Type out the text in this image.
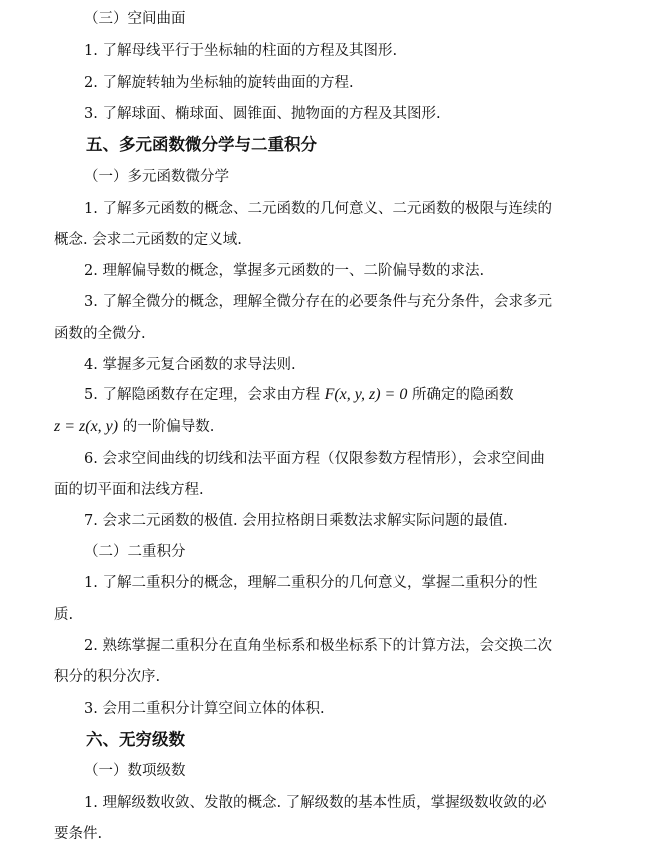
（三）空间曲面
1. 了解母线平行于坐标轴的柱面的方程及其图形.
2. 了解旋转轴为坐标轴的旋转曲面的方程.
3. 了解球面、椭球面、圆锥面、抛物面的方程及其图形.
五、多元函数微分学与二重积分
（一）多元函数微分学
1. 了解多元函数的概念、二元函数的几何意义、二元函数的极限与连续的
概念. 会求二元函数的定义域.
2. 理解偏导数的概念，掌握多元函数的一、二阶偏导数的求法.
3. 了解全微分的概念，理解全微分存在的必要条件与充分条件，会求多元
函数的全微分.
4. 掌握多元复合函数的求导法则.
5. 了解隐函数存在定理，会求由方程 F(x, y, z) = 0 所确定的隐函数
z = z(x, y) 的一阶偏导数.
6. 会求空间曲线的切线和法平面方程（仅限参数方程情形），会求空间曲
面的切平面和法线方程.
7. 会求二元函数的极值. 会用拉格朗日乘数法求解实际问题的最值.
（二）二重积分
1. 了解二重积分的概念，理解二重积分的几何意义，掌握二重积分的性
质.
2. 熟练掌握二重积分在直角坐标系和极坐标系下的计算方法，会交换二次
积分的积分次序.
3. 会用二重积分计算空间立体的体积.
六、无穷级数
（一）数项级数
1. 理解级数收敛、发散的概念. 了解级数的基本性质，掌握级数收敛的必
要条件.
